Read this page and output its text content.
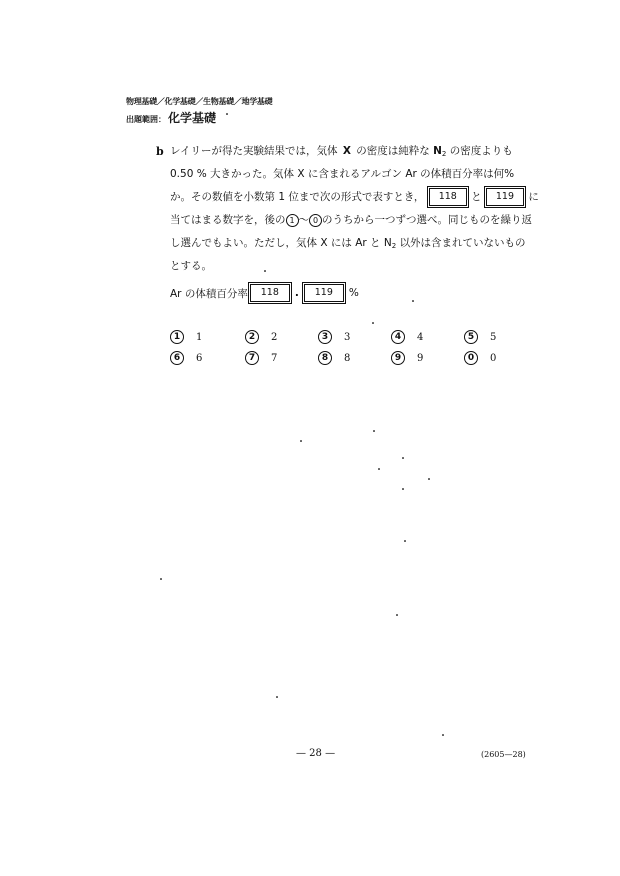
物理基礎／化学基礎／生物基礎／地学基礎
出題範囲： 化学基礎
b レイリーが得た実験結果では，気体 X の密度は純粋な $N_2$ の密度よりも
0.50 % 大きかった。気体 X に含まれるアルゴン Ar の体積百分率は何%
か。その数値を小数第 1 位まで次の形式で表すとき， 118 と 119 に
当てはまる数字を，後の 1 ～ 0 のうちから一つずつ選べ。同じものを繰り返
し選んでもよい。ただし，気体 X には Ar と $N_2$ 以外は含まれていないもの
とする。
Ar の体積百分率	118	.	119	%
1	1	2	2	3	3	4	4	5	5
6	6	7	7	8	8	9	9	0	0
— 28 —	(2605—28)
